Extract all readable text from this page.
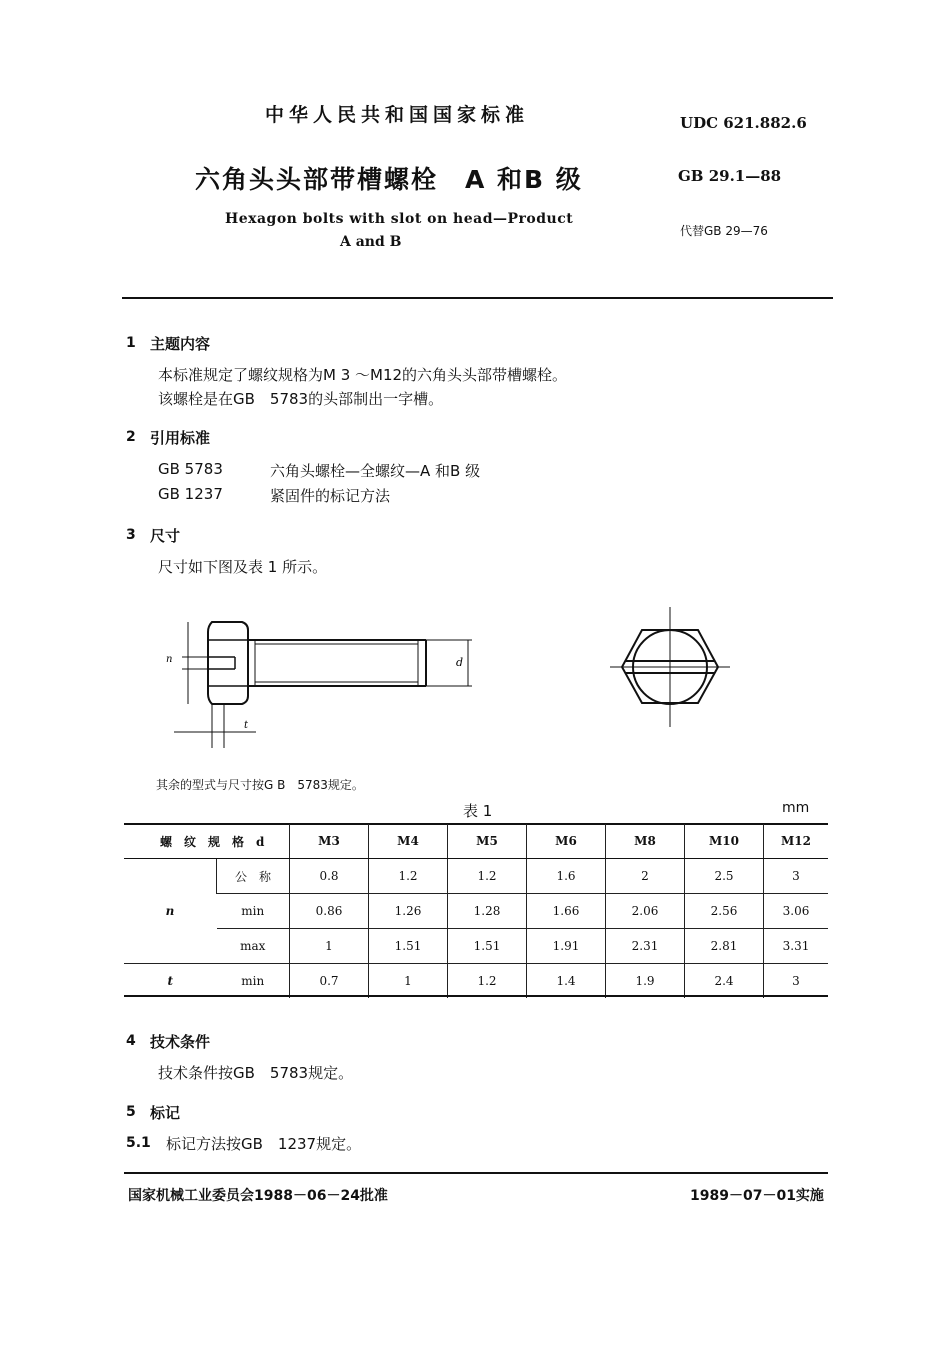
中华人民共和国国家标准	UDC 621.882.6
六角头头部带槽螺栓　A 和B 级	GB 29.1—88
Hexagon bolts with slot on head—Product
A and B
代替GB 29—76
1 主题内容
本标准规定了螺纹规格为M 3 ～M12的六角头头部带槽螺栓。
该螺栓是在GB　5783的头部制出一字槽。
2 引用标准
GB 5783	六角头螺栓—全螺纹—A 和B 级
GB 1237	紧固件的标记方法
3 尺寸
尺寸如下图及表 1 所示。
n	d
t
其余的型式与尺寸按G B　5783规定。
表 1	mm
螺　纹　规　格　d		M3	M4	M5	M6	M8	M10	M12
n	公　称	0.8	1.2	1.2	1.6	2	2.5	3
	min	0.86	1.26	1.28	1.66	2.06	2.56	3.06
	max	1	1.51	1.51	1.91	2.31	2.81	3.31
t	min	0.7	1	1.2	1.4	1.9	2.4	3
4 技术条件
技术条件按GB　5783规定。
5 标记
5.1 标记方法按GB　1237规定。
国家机械工业委员会1988－06－24批准	1989－07－01实施
